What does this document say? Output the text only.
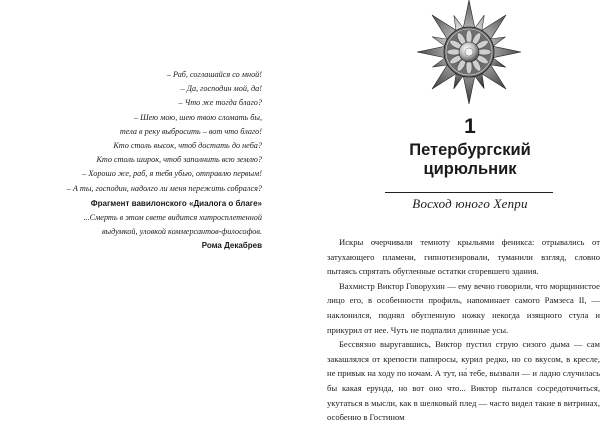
– Раб, соглашайся со мной!
– Да, господин мой, да!
– Что же тогда благо?
– Шею мою, шею твою сломать бы,
тела в реку выбросить – вот что благо!
Кто столь высок, чтоб достать до неба?
Кто столь широк, чтоб заполнить всю землю?
– Хорошо же, раб, я тебя убью, отправлю первым!
– А ты, господин, надолго ли меня пережить собрался?
Фрагмент вавилонского «Диалога о благе»
...Смерть в этом свете видится хитросплетенной
выдумкой, уловкой коммерсантов-философов.
Рома Декабрев
1
Петербургский
цирюльник
Восход юного Хепри

Искры очерчивали темноту крыльями феникса: отрывались от затухающего пламени, гипнотизировали, туманили взгляд, словно пытаясь спрятать обугленные остатки сгоревшего здания.

Вахмистр Виктор Говорухин — ему вечно говорили, что морщинистое лицо его, в особенности профиль, напоминает самого Рамзеса II, — наклонился, поднял обугленную ножку некогда изящного стула и прикурил от нее. Чуть не подпалил длинные усы.

Бессвязно выругавшись, Виктор пустил струю сизого дыма — сам закашлялся от крепости папиросы, курил редко, но со вкусом, в кресле, не привык на ходу по ночам. А тут, на́ тебе, вызвали — и ладно случилась бы какая ерунда, но вот оно что... Виктор пытался сосредоточиться, укутаться в мысли, как в шелковый плед — часто видел такие в витринах, особенно в Гостином
